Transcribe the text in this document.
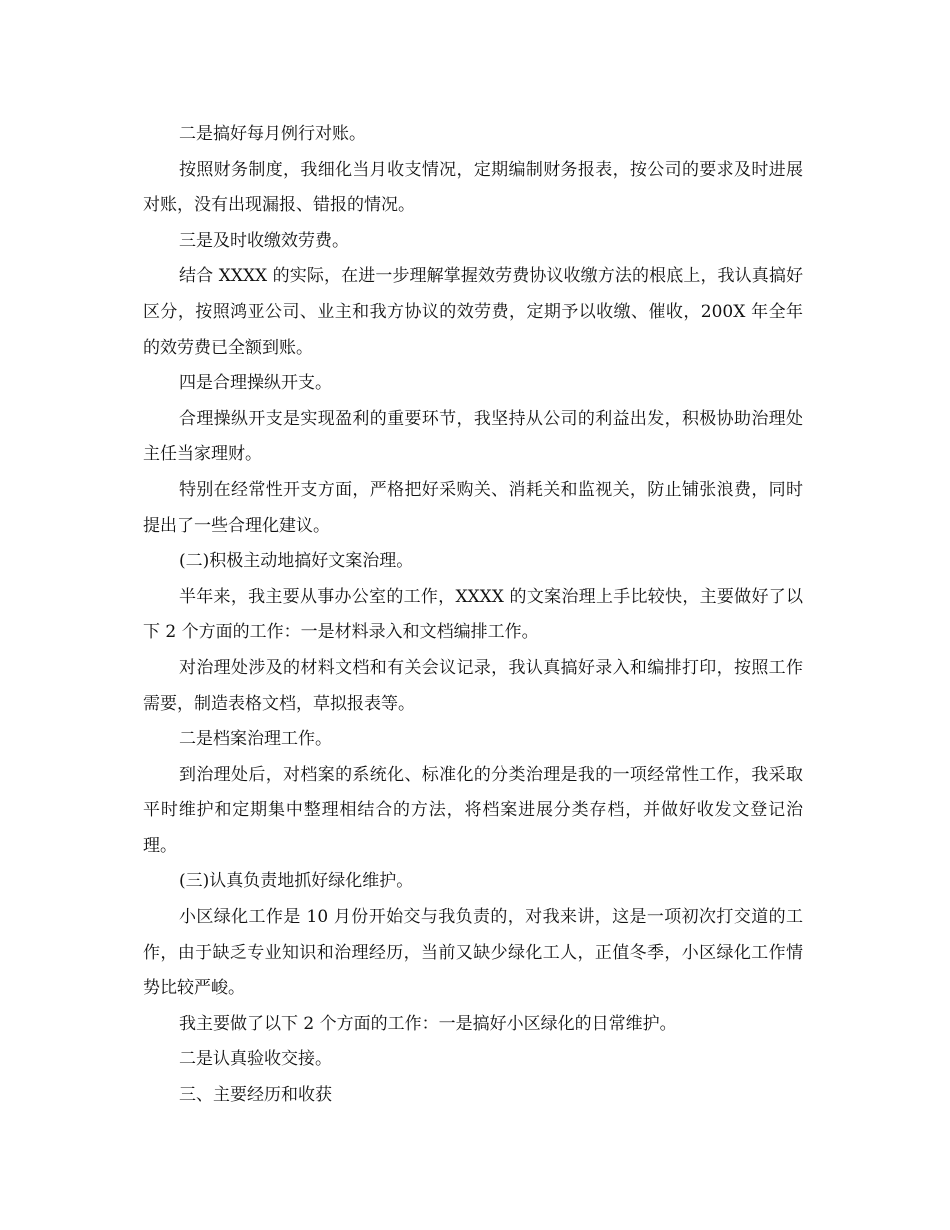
二是搞好每月例行对账。

按照财务制度，我细化当月收支情况，定期编制财务报表，按公司的要求及时进展对账，没有出现漏报、错报的情况。

三是及时收缴效劳费。

结合 XXXX 的实际，在进一步理解掌握效劳费协议收缴方法的根底上，我认真搞好区分，按照鸿亚公司、业主和我方协议的效劳费，定期予以收缴、催收，200X 年全年的效劳费已全额到账。

四是合理操纵开支。

合理操纵开支是实现盈利的重要环节，我坚持从公司的利益出发，积极协助治理处主任当家理财。

特别在经常性开支方面，严格把好采购关、消耗关和监视关，防止铺张浪费，同时提出了一些合理化建议。

(二)积极主动地搞好文案治理。

半年来，我主要从事办公室的工作，XXXX 的文案治理上手比较快，主要做好了以下 2 个方面的工作：一是材料录入和文档编排工作。

对治理处涉及的材料文档和有关会议记录，我认真搞好录入和编排打印，按照工作需要，制造表格文档，草拟报表等。

二是档案治理工作。

到治理处后，对档案的系统化、标准化的分类治理是我的一项经常性工作，我采取平时维护和定期集中整理相结合的方法，将档案进展分类存档，并做好收发文登记治理。

(三)认真负责地抓好绿化维护。

小区绿化工作是 10 月份开始交与我负责的，对我来讲，这是一项初次打交道的工作，由于缺乏专业知识和治理经历，当前又缺少绿化工人，正值冬季，小区绿化工作情势比较严峻。

我主要做了以下 2 个方面的工作：一是搞好小区绿化的日常维护。

二是认真验收交接。

三、主要经历和收获
